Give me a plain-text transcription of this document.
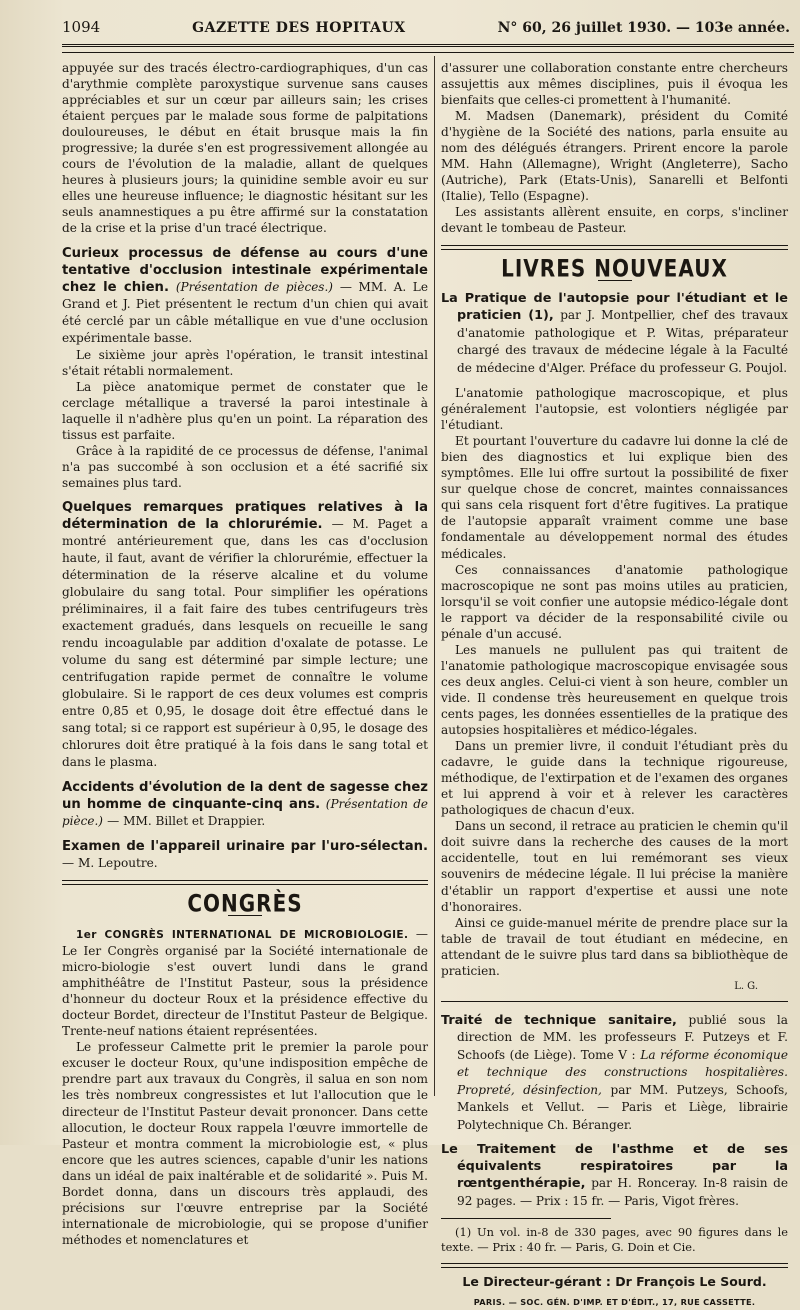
1094	GAZETTE DES HOPITAUX	N° 60, 26 juillet 1930. — 103e année.

appuyée sur des tracés électro-cardiographiques, d'un cas d'arythmie complète paroxystique survenue sans causes appréciables et sur un cœur par ailleurs sain; les crises étaient perçues par le malade sous forme de palpitations douloureuses, le début en était brusque mais la fin progressive; la durée s'en est progressivement allongée au cours de l'évolution de la maladie, allant de quelques heures à plusieurs jours; la quinidine semble avoir eu sur elles une heureuse influence; le diagnostic hésitant sur les seuls anamnestiques a pu être affirmé sur la constatation de la crise et la prise d'un tracé électrique.

Curieux processus de défense au cours d'une tentative d'occlusion intestinale expérimentale chez le chien. (Présentation de pièces.) — MM. A. Le Grand et J. Piet présentent le rectum d'un chien qui avait été cerclé par un câble métallique en vue d'une occlusion expérimentale basse.

Le sixième jour après l'opération, le transit intestinal s'était rétabli normalement.

La pièce anatomique permet de constater que le cerclage métallique a traversé la paroi intestinale à laquelle il n'adhère plus qu'en un point. La réparation des tissus est parfaite.

Grâce à la rapidité de ce processus de défense, l'animal n'a pas succombé à son occlusion et a été sacrifié six semaines plus tard.

Quelques remarques pratiques relatives à la détermination de la chlorurémie. — M. Paget a montré antérieurement que, dans les cas d'occlusion haute, il faut, avant de vérifier la chlorurémie, effectuer la détermination de la réserve alcaline et du volume globulaire du sang total. Pour simplifier les opérations préliminaires, il a fait faire des tubes centrifugeurs très exactement gradués, dans lesquels on recueille le sang rendu incoagulable par addition d'oxalate de potasse. Le volume du sang est déterminé par simple lecture; une centrifugation rapide permet de connaître le volume globulaire. Si le rapport de ces deux volumes est compris entre 0,85 et 0,95, le dosage doit être effectué dans le sang total; si ce rapport est supérieur à 0,95, le dosage des chlorures doit être pratiqué à la fois dans le sang total et dans le plasma.

Accidents d'évolution de la dent de sagesse chez un homme de cinquante-cinq ans. (Présentation de pièce.) — MM. Billet et Drappier.

Examen de l'appareil urinaire par l'uro-sélectan. — M. Lepoutre.

CONGRÈS

1er CONGRÈS INTERNATIONAL DE MICROBIOLOGIE. — Le Ier Congrès organisé par la Société internationale de micro-biologie s'est ouvert lundi dans le grand amphithéâtre de l'Institut Pasteur, sous la présidence d'honneur du docteur Roux et la présidence effective du docteur Bordet, directeur de l'Institut Pasteur de Belgique. Trente-neuf nations étaient représentées.

Le professeur Calmette prit le premier la parole pour excuser le docteur Roux, qu'une indisposition empêche de prendre part aux travaux du Congrès, il salua en son nom les très nombreux congressistes et lut l'allocution que le directeur de l'Institut Pasteur devait prononcer. Dans cette allocution, le docteur Roux rappela l'œuvre immortelle de Pasteur et montra comment la microbiologie est, « plus encore que les autres sciences, capable d'unir les nations dans un idéal de paix inaltérable et de solidarité ». Puis M. Bordet donna, dans un discours très applaudi, des précisions sur l'œuvre entreprise par la Société internationale de microbiologie, qui se propose d'unifier méthodes et nomenclatures et

d'assurer une collaboration constante entre chercheurs assujettis aux mêmes disciplines, puis il évoqua les bienfaits que celles-ci promettent à l'humanité.

M. Madsen (Danemark), président du Comité d'hygiène de la Société des nations, parla ensuite au nom des délégués étrangers. Prirent encore la parole MM. Hahn (Allemagne), Wright (Angleterre), Sacho (Autriche), Park (Etats-Unis), Sanarelli et Belfonti (Italie), Tello (Espagne).

Les assistants allèrent ensuite, en corps, s'incliner devant le tombeau de Pasteur.

LIVRES NOUVEAUX

La Pratique de l'autopsie pour l'étudiant et le praticien (1), par J. Montpellier, chef des travaux d'anatomie pathologique et P. Witas, préparateur chargé des travaux de médecine légale à la Faculté de médecine d'Alger. Préface du professeur G. Poujol.

L'anatomie pathologique macroscopique, et plus généralement l'autopsie, est volontiers négligée par l'étudiant.

Et pourtant l'ouverture du cadavre lui donne la clé de bien des diagnostics et lui explique bien des symptômes. Elle lui offre surtout la possibilité de fixer sur quelque chose de concret, maintes connaissances qui sans cela risquent fort d'être fugitives. La pratique de l'autopsie apparaît vraiment comme une base fondamentale au développement normal des études médicales.

Ces connaissances d'anatomie pathologique macroscopique ne sont pas moins utiles au praticien, lorsqu'il se voit confier une autopsie médico-légale dont le rapport va décider de la responsabilité civile ou pénale d'un accusé.

Les manuels ne pullulent pas qui traitent de l'anatomie pathologique macroscopique envisagée sous ces deux angles. Celui-ci vient à son heure, combler un vide. Il condense très heureusement en quelque trois cents pages, les données essentielles de la pratique des autopsies hospitalières et médico-légales.

Dans un premier livre, il conduit l'étudiant près du cadavre, le guide dans la technique rigoureuse, méthodique, de l'extirpation et de l'examen des organes et lui apprend à voir et à relever les caractères pathologiques de chacun d'eux.

Dans un second, il retrace au praticien le chemin qu'il doit suivre dans la recherche des causes de la mort accidentelle, tout en lui remémorant ses vieux souvenirs de médecine légale. Il lui précise la manière d'établir un rapport d'expertise et aussi une note d'honoraires.

Ainsi ce guide-manuel mérite de prendre place sur la table de travail de tout étudiant en médecine, en attendant de le suivre plus tard dans sa bibliothèque de praticien.

L. G.

Traité de technique sanitaire, publié sous la direction de MM. les professeurs F. Putzeys et F. Schoofs (de Liège). Tome V : La réforme économique et technique des constructions hospitalières. Propreté, désinfection, par MM. Putzeys, Schoofs, Mankels et Vellut. — Paris et Liège, librairie Polytechnique Ch. Béranger.

Le Traitement de l'asthme et de ses équivalents respiratoires par la rœntgenthérapie, par H. Ronceray. In-8 raisin de 92 pages. — Prix : 15 fr. — Paris, Vigot frères.

(1) Un vol. in-8 de 330 pages, avec 90 figures dans le texte. — Prix : 40 fr. — Paris, G. Doin et Cie.

Le Directeur-gérant : Dr François Le Sourd.
PARIS. — SOC. GÉN. D'IMP. ET D'ÉDIT., 17, RUE CASSETTE.
